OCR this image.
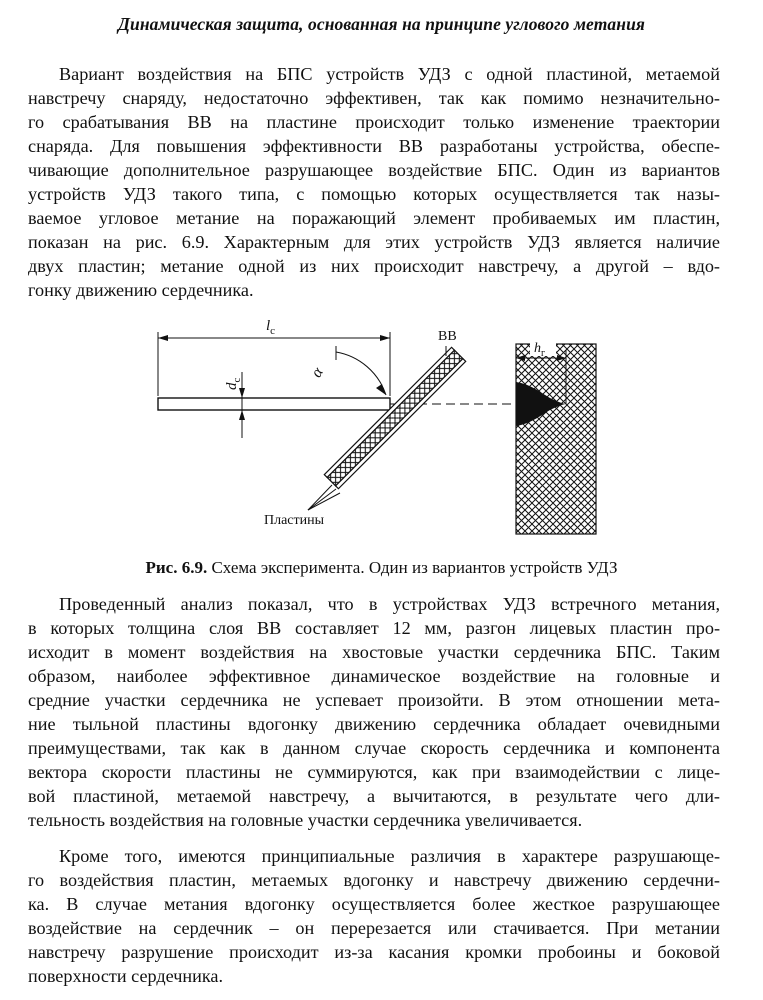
Динамическая защита, основанная на принципе углового метания
Вариант воздействия на БПС устройств УДЗ с одной пластиной, метаемой
навстречу снаряду, недостаточно эффективен, так как помимо незначительно-
го срабатывания ВВ на пластине происходит только изменение траектории
снаряда. Для повышения эффективности ВВ разработаны устройства, обеспе-
чивающие дополнительное разрушающее воздействие БПС. Один из вариантов
устройств УДЗ такого типа, с помощью которых осуществляется так назы-
ваемое угловое метание на поражающий элемент пробиваемых им пластин,
показан на рис. 6.9. Характерным для этих устройств УДЗ является наличие
двух пластин; метание одной из них происходит навстречу, а другой – вдо-
гонку движению сердечника.
$l_с$
$d_с$	α
ВВ
Пластины
$h_г$
Рис. 6.9. Схема эксперимента. Один из вариантов устройств УДЗ
Проведенный анализ показал, что в устройствах УДЗ встречного метания,
в которых толщина слоя ВВ составляет 12 мм, разгон лицевых пластин про-
исходит в момент воздействия на хвостовые участки сердечника БПС. Таким
образом, наиболее эффективное динамическое воздействие на головные и
средние участки сердечника не успевает произойти. В этом отношении мета-
ние тыльной пластины вдогонку движению сердечника обладает очевидными
преимуществами, так как в данном случае скорость сердечника и компонента
вектора скорости пластины не суммируются, как при взаимодействии с лице-
вой пластиной, метаемой навстречу, а вычитаются, в результате чего дли-
тельность воздействия на головные участки сердечника увеличивается.
Кроме того, имеются принципиальные различия в характере разрушающе-
го воздействия пластин, метаемых вдогонку и навстречу движению сердечни-
ка. В случае метания вдогонку осуществляется более жесткое разрушающее
воздействие на сердечник – он перерезается или стачивается. При метании
навстречу разрушение происходит из-за касания кромки пробоины и боковой
поверхности сердечника.
